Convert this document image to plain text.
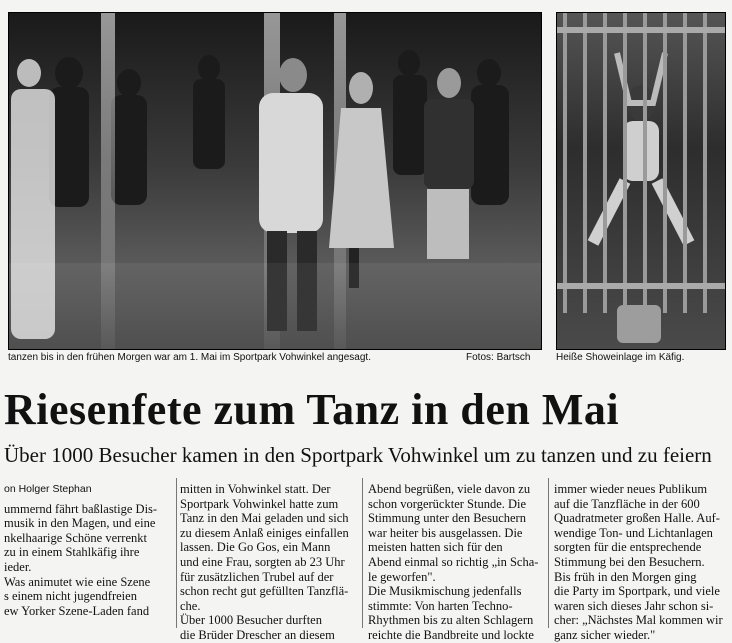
tanzen bis in den frühen Morgen war am 1. Mai im Sportpark Vohwinkel angesagt.	Fotos: Bartsch	Heiße Showeinlage im Käfig.
Riesenfete zum Tanz in den Mai
Über 1000 Besucher kamen in den Sportpark Vohwinkel um zu tanzen und zu feiern
on Holger Stephan
ummernd fährt baßlastige Dis-
musik in den Magen, und eine
nkelhaarige Schöne verrenkt
zu in einem Stahlkäfig ihre
ieder.
Was animutet wie eine Szene
s einem nicht jugendfreien
ew Yorker Szene-Laden fand
mitten in Vohwinkel statt. Der
Sportpark Vohwinkel hatte zum
Tanz in den Mai geladen und sich
zu diesem Anlaß einiges einfallen
lassen. Die Go Gos, ein Mann
und eine Frau, sorgten ab 23 Uhr
für zusätzlichen Trubel auf der
schon recht gut gefüllten Tanzflä-
che.
Über 1000 Besucher durften
die Brüder Drescher an diesem
Abend begrüßen, viele davon zu
schon vorgerückter Stunde. Die
Stimmung unter den Besuchern
war heiter bis ausgelassen. Die
meisten hatten sich für den
Abend einmal so richtig „in Scha-
le geworfen".
Die Musikmischung jedenfalls
stimmte: Von harten Techno-
Rhythmen bis zu alten Schlagern
reichte die Bandbreite und lockte
immer wieder neues Publikum
auf die Tanzfläche in der 600
Quadratmeter großen Halle. Auf-
wendige Ton- und Lichtanlagen
sorgten für die entsprechende
Stimmung bei den Besuchern.
Bis früh in den Morgen ging
die Party im Sportpark, und viele
waren sich dieses Jahr schon si-
cher: „Nächstes Mal kommen wir
ganz sicher wieder."
